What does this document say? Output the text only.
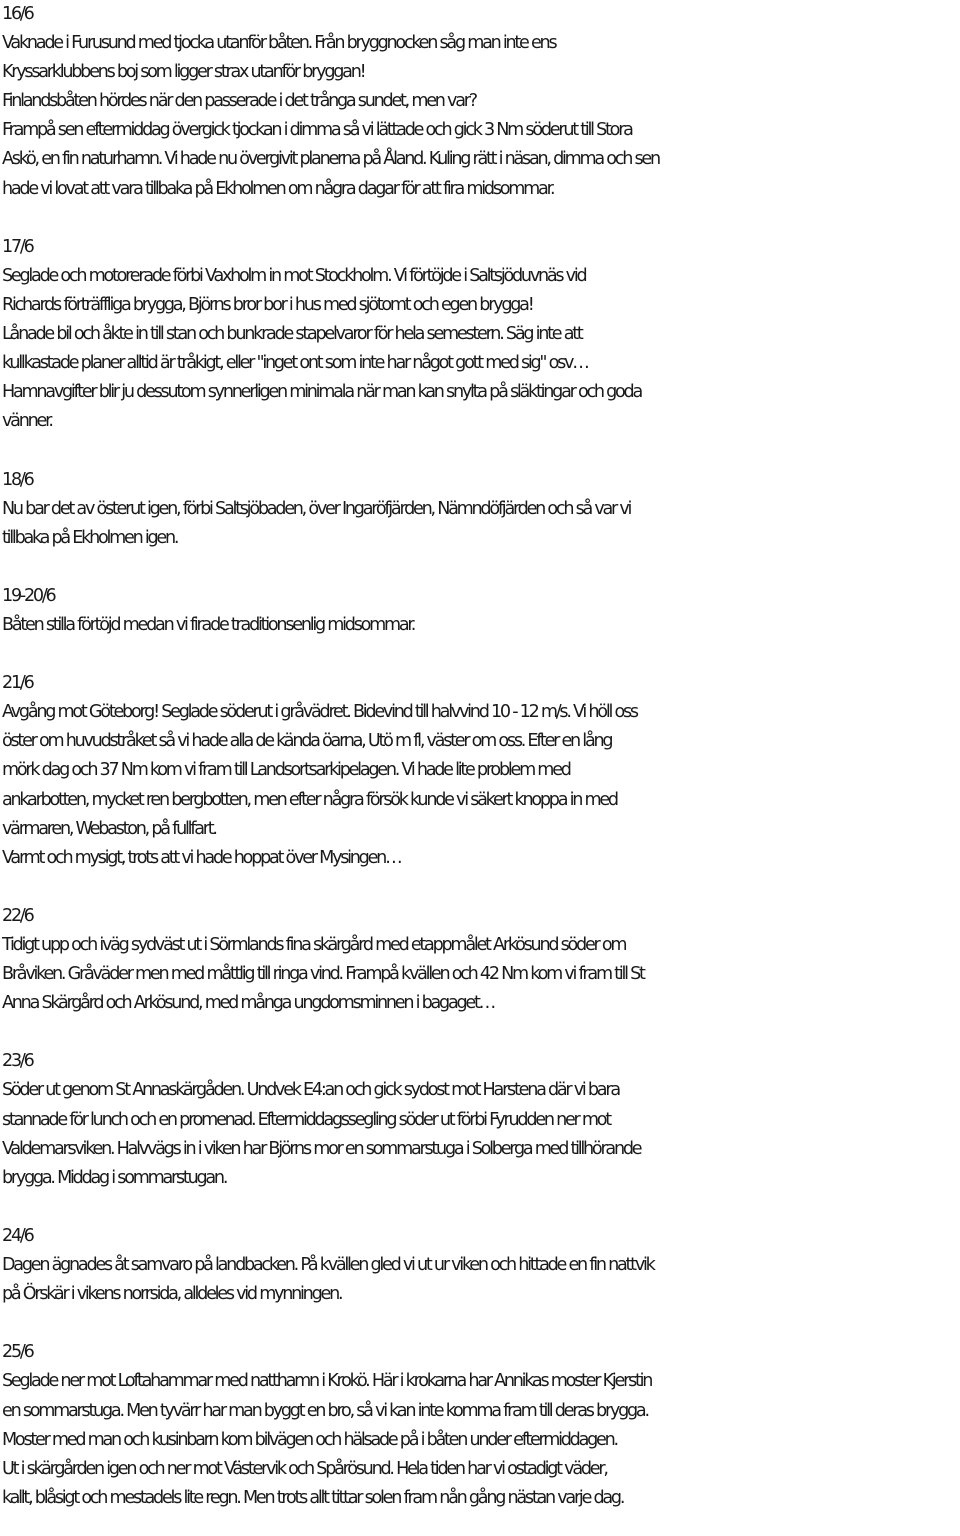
16/6
Vaknade i Furusund med tjocka utanför båten. Från bryggnocken såg man inte ens
Kryssarklubbens boj som ligger strax utanför bryggan!
Finlandsbåten hördes när den passerade i det trånga sundet, men var?
Frampå sen eftermiddag övergick tjockan i dimma så vi lättade och gick 3 Nm söderut till Stora
Askö, en fin naturhamn. Vi hade nu övergivit planerna på Åland. Kuling rätt i näsan, dimma och sen
hade vi lovat att vara tillbaka på Ekholmen om några dagar för att fira midsommar.
17/6
Seglade och motorerade förbi Vaxholm in mot Stockholm. Vi förtöjde i Saltsjöduvnäs vid
Richards förträffliga brygga, Björns bror bor i hus med sjötomt och egen brygga!
Lånade bil och åkte in till stan och bunkrade stapelvaror för hela semestern. Säg inte att
kullkastade planer alltid är tråkigt, eller "inget ont som inte har något gott med sig" osv…
Hamnavgifter blir ju dessutom synnerligen minimala när man kan snylta på släktingar och goda
vänner.
18/6
Nu bar det av österut igen, förbi Saltsjöbaden, över Ingaröfjärden, Nämndöfjärden och så var vi
tillbaka på Ekholmen igen.
19-20/6
Båten stilla förtöjd medan vi firade traditionsenlig midsommar.
21/6
Avgång mot Göteborg! Seglade söderut i gråvädret. Bidevind till halvvind 10 - 12 m/s. Vi höll oss
öster om huvudstråket så vi hade alla de kända öarna, Utö m fl, väster om oss. Efter en lång
mörk dag och 37 Nm kom vi fram till Landsortsarkipelagen. Vi hade lite problem med
ankarbotten, mycket ren bergbotten, men efter några försök kunde vi säkert knoppa in med
värmaren, Webaston, på fullfart.
Varmt och mysigt, trots att vi hade hoppat över Mysingen…
22/6
Tidigt upp och iväg sydväst ut i Sörmlands fina skärgård med etappmålet Arkösund söder om
Bråviken. Gråväder men med måttlig till ringa vind. Frampå kvällen och 42 Nm kom vi fram till St
Anna Skärgård och Arkösund, med många ungdomsminnen i bagaget…
23/6
Söder ut genom St Annaskärgåden. Undvek E4:an och gick sydost mot Harstena där vi bara
stannade för lunch och en promenad. Eftermiddagssegling söder ut förbi Fyrudden ner mot
Valdemarsviken. Halvvägs in i viken har Björns mor en sommarstuga i Solberga med tillhörande
brygga. Middag i sommarstugan.
24/6
Dagen ägnades åt samvaro på landbacken. På kvällen gled vi ut ur viken och hittade en fin nattvik
på Örskär i vikens norrsida, alldeles vid mynningen.
25/6
Seglade ner mot Loftahammar med natthamn i Krokö. Här i krokarna har Annikas moster Kjerstin
en sommarstuga. Men tyvärr har man byggt en bro, så vi kan inte komma fram till deras brygga.
Moster med man och kusinbarn kom bilvägen och hälsade på i båten under eftermiddagen.
Ut i skärgården igen och ner mot Västervik och Spårösund. Hela tiden har vi ostadigt väder,
kallt, blåsigt och mestadels lite regn. Men trots allt tittar solen fram nån gång nästan varje dag.
